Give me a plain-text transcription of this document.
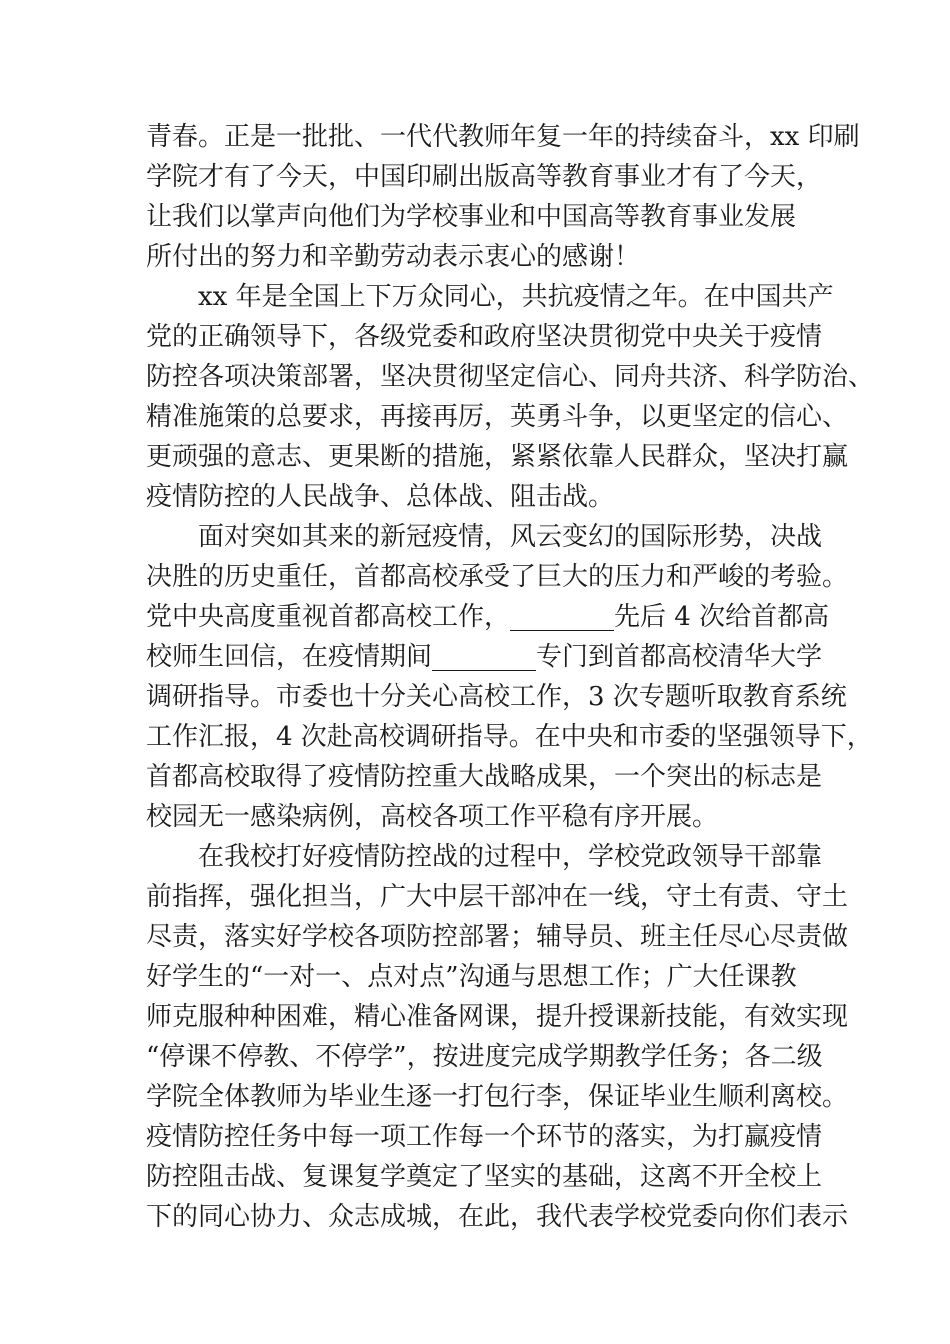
青春。正是一批批、一代代教师年复一年的持续奋斗，xx 印刷
学院才有了今天，中国印刷出版高等教育事业才有了今天，
让我们以掌声向他们为学校事业和中国高等教育事业发展
所付出的努力和辛勤劳动表示衷心的感谢！
xx 年是全国上下万众同心，共抗疫情之年。在中国共产
党的正确领导下，各级党委和政府坚决贯彻党中央关于疫情
防控各项决策部署，坚决贯彻坚定信心、同舟共济、科学防治、
精准施策的总要求，再接再厉，英勇斗争，以更坚定的信心、
更顽强的意志、更果断的措施，紧紧依靠人民群众，坚决打赢
疫情防控的人民战争、总体战、阻击战。
面对突如其来的新冠疫情，风云变幻的国际形势，决战
决胜的历史重任，首都高校承受了巨大的压力和严峻的考验。
党中央高度重视首都高校工作，________先后 4 次给首都高
校师生回信，在疫情期间________专门到首都高校清华大学
调研指导。市委也十分关心高校工作，3 次专题听取教育系统
工作汇报，4 次赴高校调研指导。在中央和市委的坚强领导下，
首都高校取得了疫情防控重大战略成果，一个突出的标志是
校园无一感染病例，高校各项工作平稳有序开展。
在我校打好疫情防控战的过程中，学校党政领导干部靠
前指挥，强化担当，广大中层干部冲在一线，守土有责、守土
尽责，落实好学校各项防控部署；辅导员、班主任尽心尽责做
好学生的“一对一、点对点”沟通与思想工作；广大任课教
师克服种种困难，精心准备网课，提升授课新技能，有效实现
“停课不停教、不停学”，按进度完成学期教学任务；各二级
学院全体教师为毕业生逐一打包行李，保证毕业生顺利离校。
疫情防控任务中每一项工作每一个环节的落实，为打赢疫情
防控阻击战、复课复学奠定了坚实的基础，这离不开全校上
下的同心协力、众志成城，在此，我代表学校党委向你们表示
